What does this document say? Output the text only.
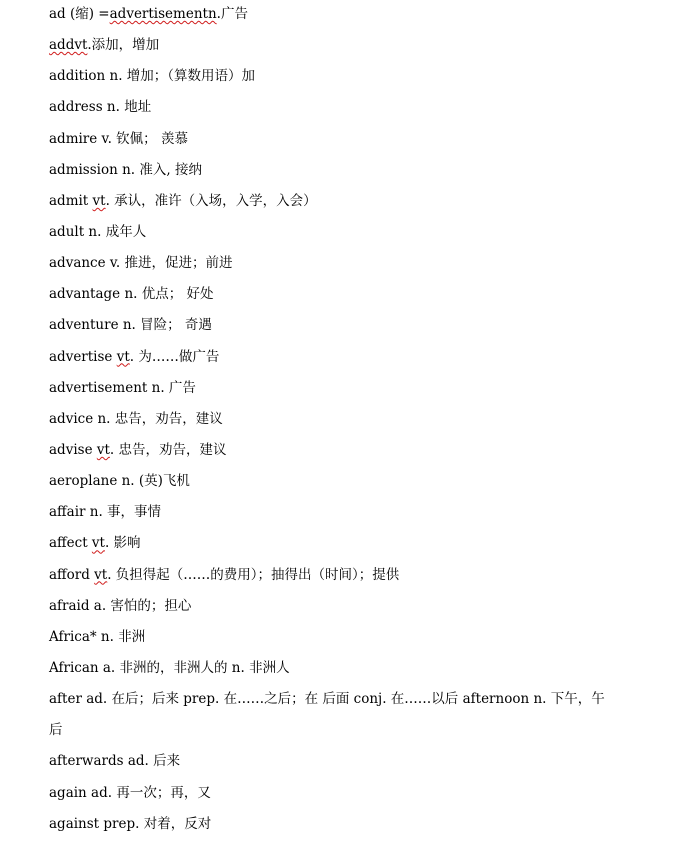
ad (缩) =advertisementn.广告
addvt.添加，增加
addition n. 增加；（算数用语）加
address n. 地址
admire v. 钦佩； 羡慕
admission n. 准入, 接纳
admit vt. 承认，准许（入场，入学，入会）
adult n. 成年人
advance v. 推进，促进；前进
advantage n. 优点； 好处
adventure n. 冒险； 奇遇
advertise vt. 为……做广告
advertisement n. 广告
advice n. 忠告，劝告，建议
advise vt. 忠告，劝告，建议
aeroplane n. (英)飞机
affair n. 事，事情
affect vt. 影响
afford vt. 负担得起（……的费用）；抽得出（时间）；提供
afraid a. 害怕的；担心
Africa* n. 非洲
African a. 非洲的，非洲人的 n. 非洲人
after ad. 在后；后来 prep. 在……之后；在 后面 conj. 在……以后 afternoon n. 下午，午
后
afterwards ad. 后来
again ad. 再一次；再，又
against prep. 对着，反对
